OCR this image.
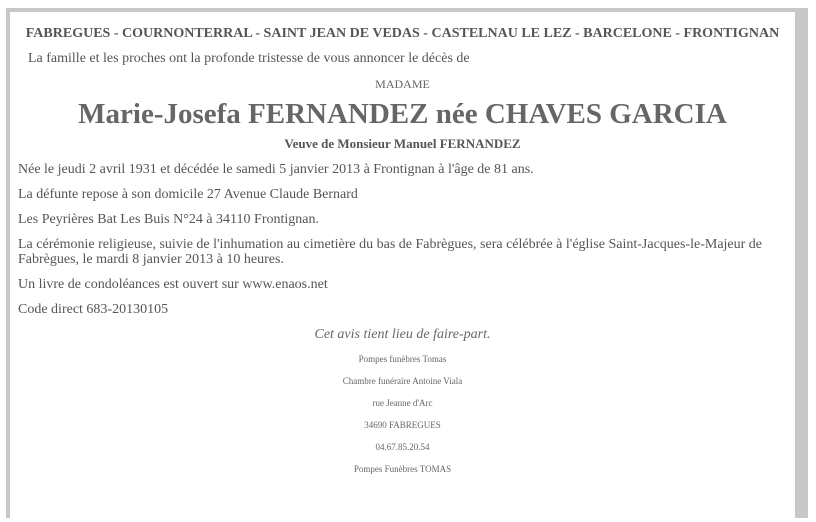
FABREGUES - COURNONTERRAL - SAINT JEAN DE VEDAS - CASTELNAU LE LEZ - BARCELONE - FRONTIGNAN
La famille et les proches ont la profonde tristesse de vous annoncer le décès de
MADAME
Marie-Josefa FERNANDEZ née CHAVES GARCIA
Veuve de Monsieur Manuel FERNANDEZ
Née le jeudi 2 avril 1931 et décédée le samedi 5 janvier 2013 à Frontignan à l'âge de 81 ans.
La défunte repose à son domicile 27 Avenue Claude Bernard
Les Peyrières Bat Les Buis N°24 à 34110 Frontignan.
La cérémonie religieuse, suivie de l'inhumation au cimetière du bas de Fabrègues, sera célébrée à l'église Saint-Jacques-le-Majeur de Fabrègues, le mardi 8 janvier 2013 à 10 heures.
Un livre de condoléances est ouvert sur www.enaos.net
Code direct 683-20130105
Cet avis tient lieu de faire-part.
Pompes funèbres Tomas
Chambre funéraire Antoine Viala
rue Jeanne d'Arc
34690 FABREGUES
04.67.85.20.54
Pompes Funèbres TOMAS
